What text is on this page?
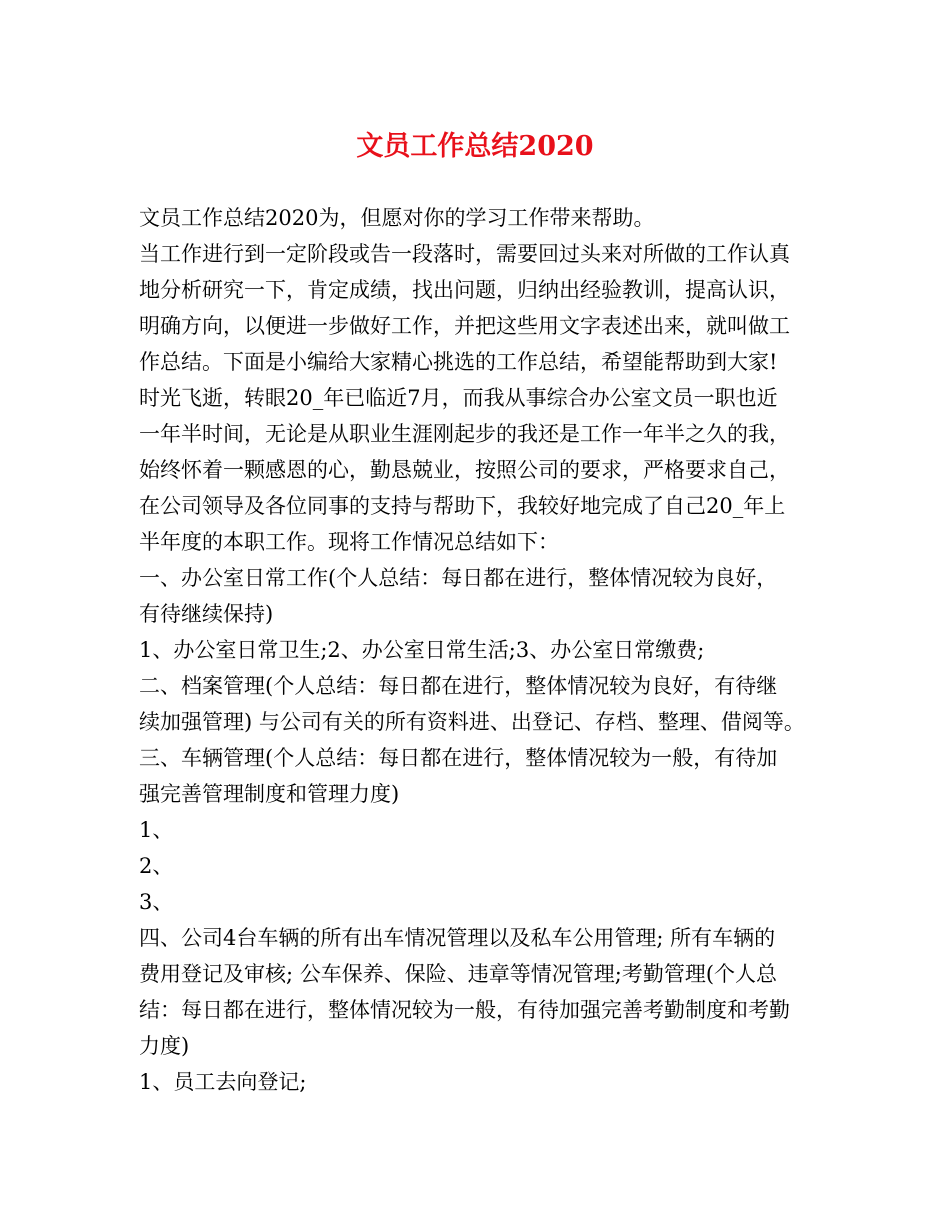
文员工作总结2020
文员工作总结2020为，但愿对你的学习工作带来帮助。
当工作进行到一定阶段或告一段落时，需要回过头来对所做的工作认真
地分析研究一下，肯定成绩，找出问题，归纳出经验教训，提高认识，
明确方向，以便进一步做好工作，并把这些用文字表述出来，就叫做工
作总结。下面是小编给大家精心挑选的工作总结，希望能帮助到大家!
时光飞逝，转眼20_年已临近7月，而我从事综合办公室文员一职也近
一年半时间，无论是从职业生涯刚起步的我还是工作一年半之久的我，
始终怀着一颗感恩的心，勤恳兢业，按照公司的要求，严格要求自己，
在公司领导及各位同事的支持与帮助下，我较好地完成了自己20_年上
半年度的本职工作。现将工作情况总结如下：
一、办公室日常工作(个人总结：每日都在进行，整体情况较为良好，
有待继续保持)
1、办公室日常卫生;2、办公室日常生活;3、办公室日常缴费;
二、档案管理(个人总结：每日都在进行，整体情况较为良好，有待继
续加强管理) 与公司有关的所有资料进、出登记、存档、整理、借阅等。
三、车辆管理(个人总结：每日都在进行，整体情况较为一般，有待加
强完善管理制度和管理力度)
1、
2、
3、
四、公司4台车辆的所有出车情况管理以及私车公用管理; 所有车辆的
费用登记及审核; 公车保养、保险、违章等情况管理;考勤管理(个人总
结：每日都在进行，整体情况较为一般，有待加强完善考勤制度和考勤
力度)
1、员工去向登记;
